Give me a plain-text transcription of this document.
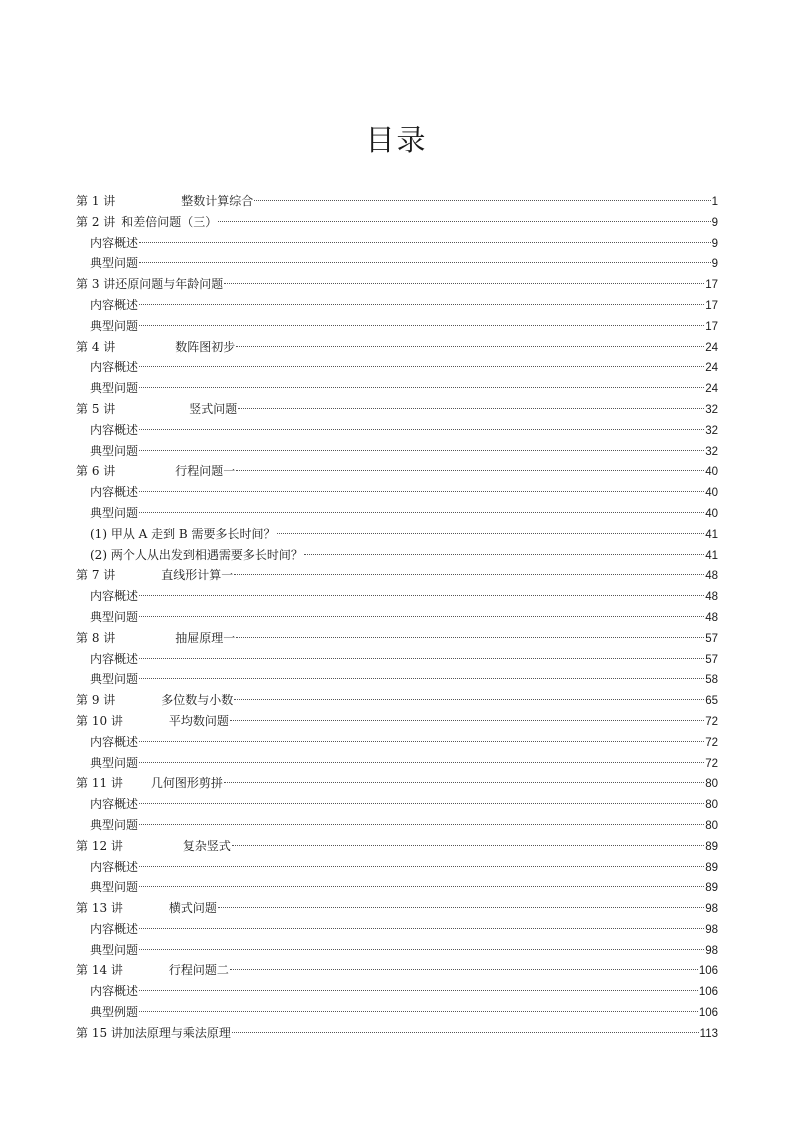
目录
第 1 讲	整数计算综合	1
第 2 讲 和差倍问题（三）	9
内容概述	9
典型问题	9
第 3 讲还原问题与年龄问题	17
内容概述	17
典型问题	17
第 4 讲	数阵图初步	24
内容概述	24
典型问题	24
第 5 讲	竖式问题	32
内容概述	32
典型问题	32
第 6 讲	行程问题一	40
内容概述	40
典型问题	40
(1) 甲从 A 走到 B 需要多长时间？	41
(2) 两个人从出发到相遇需要多长时间？	41
第 7 讲	直线形计算一	48
内容概述	48
典型问题	48
第 8 讲	抽屉原理一	57
内容概述	57
典型问题	58
第 9 讲	多位数与小数	65
第 10 讲	平均数问题	72
内容概述	72
典型问题	72
第 11 讲 几何图形剪拼	80
内容概述	80
典型问题	80
第 12 讲	复杂竖式	89
内容概述	89
典型问题	89
第 13 讲	横式问题	98
内容概述	98
典型问题	98
第 14 讲	行程问题二	106
内容概述	106
典型例题	106
第 15 讲加法原理与乘法原理	113
